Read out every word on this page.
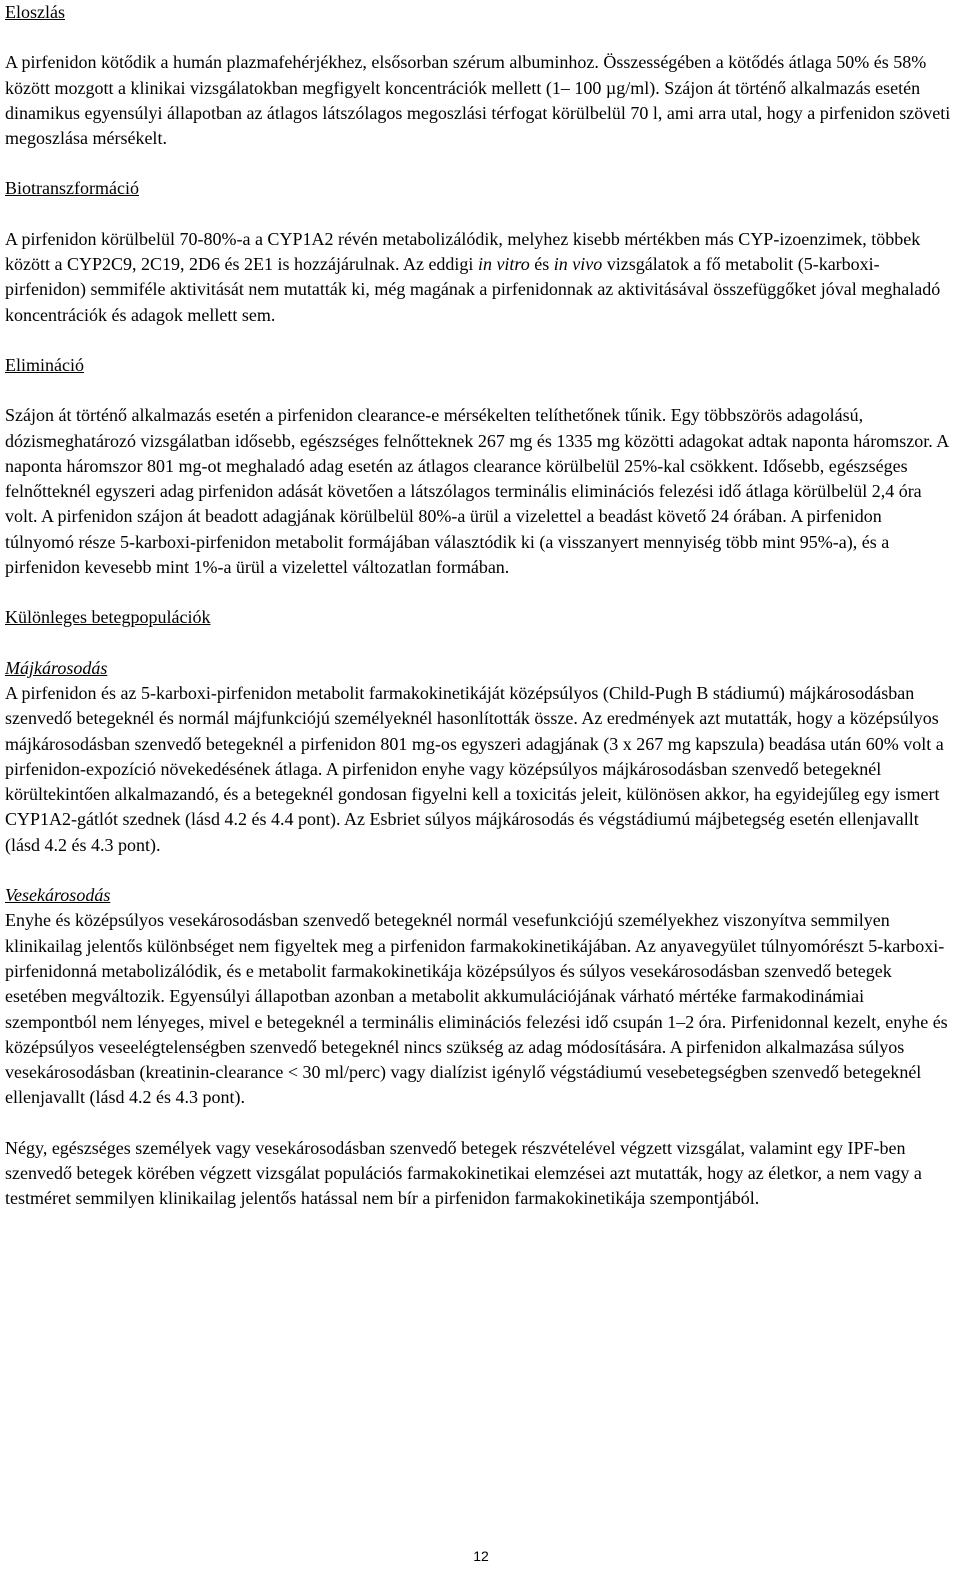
Eloszlás

A pirfenidon kötődik a humán plazmafehérjékhez, elsősorban szérum albuminhoz. Összességében a kötődés átlaga 50% és 58% között mozgott a klinikai vizsgálatokban megfigyelt koncentrációk mellett (1– 100 µg/ml). Szájon át történő alkalmazás esetén dinamikus egyensúlyi állapotban az átlagos látszólagos megoszlási térfogat körülbelül 70 l, ami arra utal, hogy a pirfenidon szöveti megoszlása mérsékelt.

Biotranszformáció

A pirfenidon körülbelül 70-80%-a a CYP1A2 révén metabolizálódik, melyhez kisebb mértékben más CYP-izoenzimek, többek között a CYP2C9, 2C19, 2D6 és 2E1 is hozzájárulnak. Az eddigi in vitro és in vivo vizsgálatok a fő metabolit (5-karboxi-pirfenidon) semmiféle aktivitását nem mutatták ki, még magának a pirfenidonnak az aktivitásával összefüggőket jóval meghaladó koncentrációk és adagok mellett sem.

Elimináció

Szájon át történő alkalmazás esetén a pirfenidon clearance-e mérsékelten telíthetőnek tűnik. Egy többszörös adagolású, dózismeghatározó vizsgálatban idősebb, egészséges felnőtteknek 267 mg és 1335 mg közötti adagokat adtak naponta háromszor. A naponta háromszor 801 mg-ot meghaladó adag esetén az átlagos clearance körülbelül 25%-kal csökkent. Idősebb, egészséges felnőtteknél egyszeri adag pirfenidon adását követően a látszólagos terminális eliminációs felezési idő átlaga körülbelül 2,4 óra volt. A pirfenidon szájon át beadott adagjának körülbelül 80%-a ürül a vizelettel a beadást követő 24 órában. A pirfenidon túlnyomó része 5-karboxi-pirfenidon metabolit formájában választódik ki (a visszanyert mennyiség több mint 95%-a), és a pirfenidon kevesebb mint 1%-a ürül a vizelettel változatlan formában.

Különleges betegpopulációk
Májkárosodás

A pirfenidon és az 5-karboxi-pirfenidon metabolit farmakokinetikáját középsúlyos (Child-Pugh B stádiumú) májkárosodásban szenvedő betegeknél és normál májfunkciójú személyeknél hasonlították össze. Az eredmények azt mutatták, hogy a középsúlyos májkárosodásban szenvedő betegeknél a pirfenidon 801 mg-os egyszeri adagjának (3 x 267 mg kapszula) beadása után 60% volt a pirfenidon-expozíció növekedésének átlaga. A pirfenidon enyhe vagy középsúlyos májkárosodásban szenvedő betegeknél körültekintően alkalmazandó, és a betegeknél gondosan figyelni kell a toxicitás jeleit, különösen akkor, ha egyidejűleg egy ismert CYP1A2-gátlót szednek (lásd 4.2 és 4.4 pont). Az Esbriet súlyos májkárosodás és végstádiumú májbetegség esetén ellenjavallt (lásd 4.2 és 4.3 pont).

Vesekárosodás

Enyhe és középsúlyos vesekárosodásban szenvedő betegeknél normál vesefunkciójú személyekhez viszonyítva semmilyen klinikailag jelentős különbséget nem figyeltek meg a pirfenidon farmakokinetikájában. Az anyavegyület túlnyomórészt 5-karboxi-pirfenidonná metabolizálódik, és e metabolit farmakokinetikája középsúlyos és súlyos vesekárosodásban szenvedő betegek esetében megváltozik. Egyensúlyi állapotban azonban a metabolit akkumulációjának várható mértéke farmakodinámiai szempontból nem lényeges, mivel e betegeknél a terminális eliminációs felezési idő csupán 1–2 óra. Pirfenidonnal kezelt, enyhe és középsúlyos veseelégtelenségben szenvedő betegeknél nincs szükség az adag módosítására. A pirfenidon alkalmazása súlyos vesekárosodásban (kreatinin-clearance < 30 ml/perc) vagy dialízist igénylő végstádiumú vesebetegségben szenvedő betegeknél ellenjavallt (lásd 4.2 és 4.3 pont).

Négy, egészséges személyek vagy vesekárosodásban szenvedő betegek részvételével végzett vizsgálat, valamint egy IPF-ben szenvedő betegek körében végzett vizsgálat populációs farmakokinetikai elemzései azt mutatták, hogy az életkor, a nem vagy a testméret semmilyen klinikailag jelentős hatással nem bír a pirfenidon farmakokinetikája szempontjából.

12
